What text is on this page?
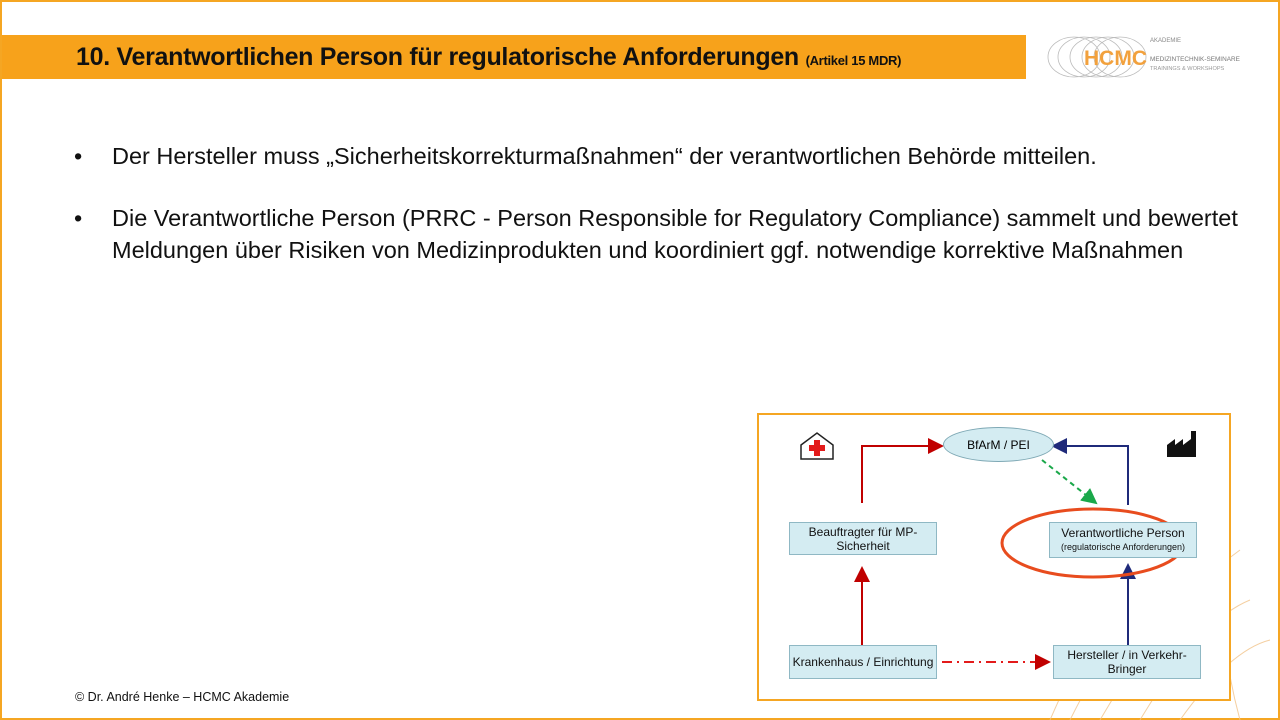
10. Verantwortlichen Person für regulatorische Anforderungen (Artikel 15 MDR)	HCMC
AKADEMIE
MEDIZINTECHNIK-SEMINARE
TRAININGS & WORKSHOPS
• Der Hersteller muss „Sicherheitskorrekturmaßnahmen“ der verantwortlichen Behörde mitteilen.
• Die Verantwortliche Person (PRRC - Person Responsible for Regulatory Compliance) sammelt und bewertet Meldungen über Risiken von Medizinprodukten und koordiniert ggf. notwendige korrektive Maßnahmen
BfArM / PEI
Beauftragter für MP-Sicherheit
Verantwortliche Person
(regulatorische Anforderungen)
Krankenhaus / Einrichtung	Hersteller / in Verkehr-Bringer
© Dr. André Henke – HCMC Akademie
